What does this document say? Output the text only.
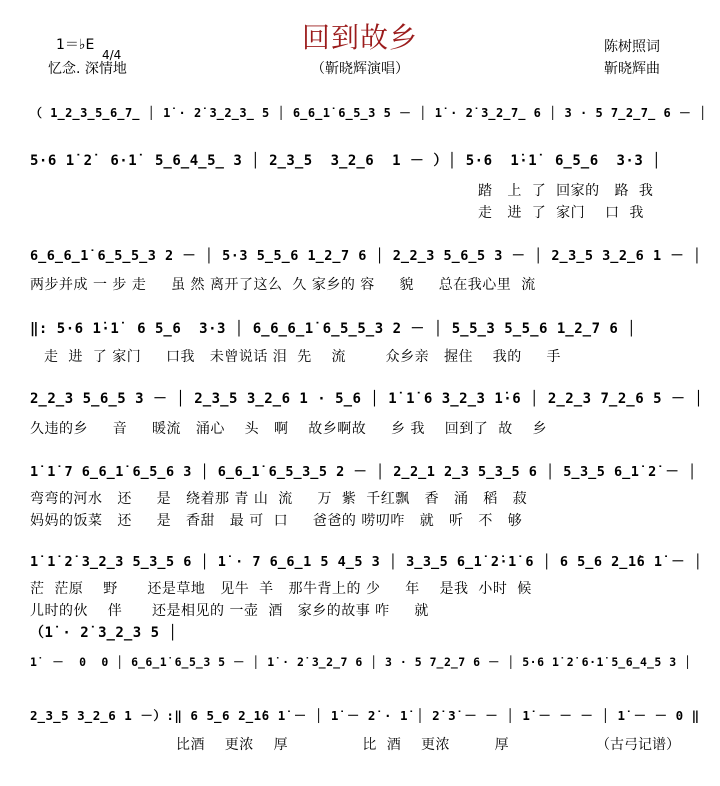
回到故乡
（靳晓辉演唱）
1＝♭E

4/4

忆念. 深情地
陈树照词
靳晓辉曲
（ 1̲2̲3̲5̲6̲7̲ │ 1̇ · 2̇ 3̲2̲3̲ 5 │ 6̲6̲1̇ 6̲5̲3 5 － │ 1̇ · 2̇ 3̲2̲7̲ 6 │ 3 · 5 7̲2̲7̲ 6 － │
5·6 1̇ 2̇  6·1̇  5̲6̲4̲5̲ 3 │ 2̲3̲5  3̲2̲6  1 － ）│ 5·6  1̇·1̇  6̲5̲6  3·3 │
踏   上  了  回家的   路  我
走   进  了  家门    口  我
6̲6̲6̲1̇ 6̲5̲5̲3 2 － │ 5·3 5̲5̲6 1̲2̲7 6 │ 2̲2̲3 5̲6̲5 3 － │ 2̲3̲5 3̲2̲6 1 － │
两步并成 一 步 走     虽 然 离开了这么  久 家乡的 容     貌     总在我心里  流
‖: 5·6 1̇·1̇  6 5̲6  3·3 │ 6̲6̲6̲1̇ 6̲5̲5̲3 2 － │ 5̲5̲3 5̲5̲6 1̲2̲7 6 │
走  进  了 家门     口我   未曾说话 泪  先    流        众乡亲   握住    我的     手
2̲2̲3 5̲6̲5 3 － │ 2̲3̲5 3̲2̲6 1 · 5̲6 │ 1̇ 1̇ 6 3̲2̲3 1̇·6 │ 2̲2̲3 7̲2̲6 5 － │
久违的乡     音     暖流   涌心    头   啊    故乡啊故     乡 我    回到了  故    乡
1̇ 1̇ 7 6̲6̲1̇ 6̲5̲6 3 │ 6̲6̲1̇ 6̲5̲3̲5 2 － │ 2̲2̲1 2̲3 5̲3̲5 6 │ 5̲3̲5 6̲1̇ 2̇ － │
弯弯的河水   还     是   绕着那 青 山  流     万  紫  千红飘   香   涌   稻   菽
妈妈的饭菜   还     是   香甜   最 可  口     爸爸的 唠叨咋   就   听   不   够
1̇ 1̇ 2̇ 3̲2̲3 5̲3̲5 6 │ 1̇ · 7 6̲6̲1 5 4̲5 3 │ 3̲3̲5 6̲1̇ 2̇·1̇ 6 │ 6 5̲6 2̲1̇6 1̇ － │
茫  茫原    野      还是草地   见牛  羊   那牛背上的 少     年    是我  小时  候
儿时的伙    伴      还是相见的 一壶  酒   家乡的故事 咋     就
（1̇ · 2̇ 3̲2̲3 5 │
1̇  －  0  0 │ 6̲6̲1̇ 6̲5̲3 5 － │ 1̇ · 2̇ 3̲2̲7 6 │ 3 · 5 7̲2̲7 6 － │ 5·6 1̇ 2̇ 6·1̇ 5̲6̲4̲5 3 │
2̲3̲5 3̲2̲6 1 －）:‖ 6 5̲6 2̲1̇6 1̇ － │ 1̇ － 2̇ · 1̇ │ 2̇ 3̇ － － │ 1̇ － － － │ 1̇ － － 0 ‖
比酒    更浓    厚               比  酒    更浓         厚	（古弓记谱）
